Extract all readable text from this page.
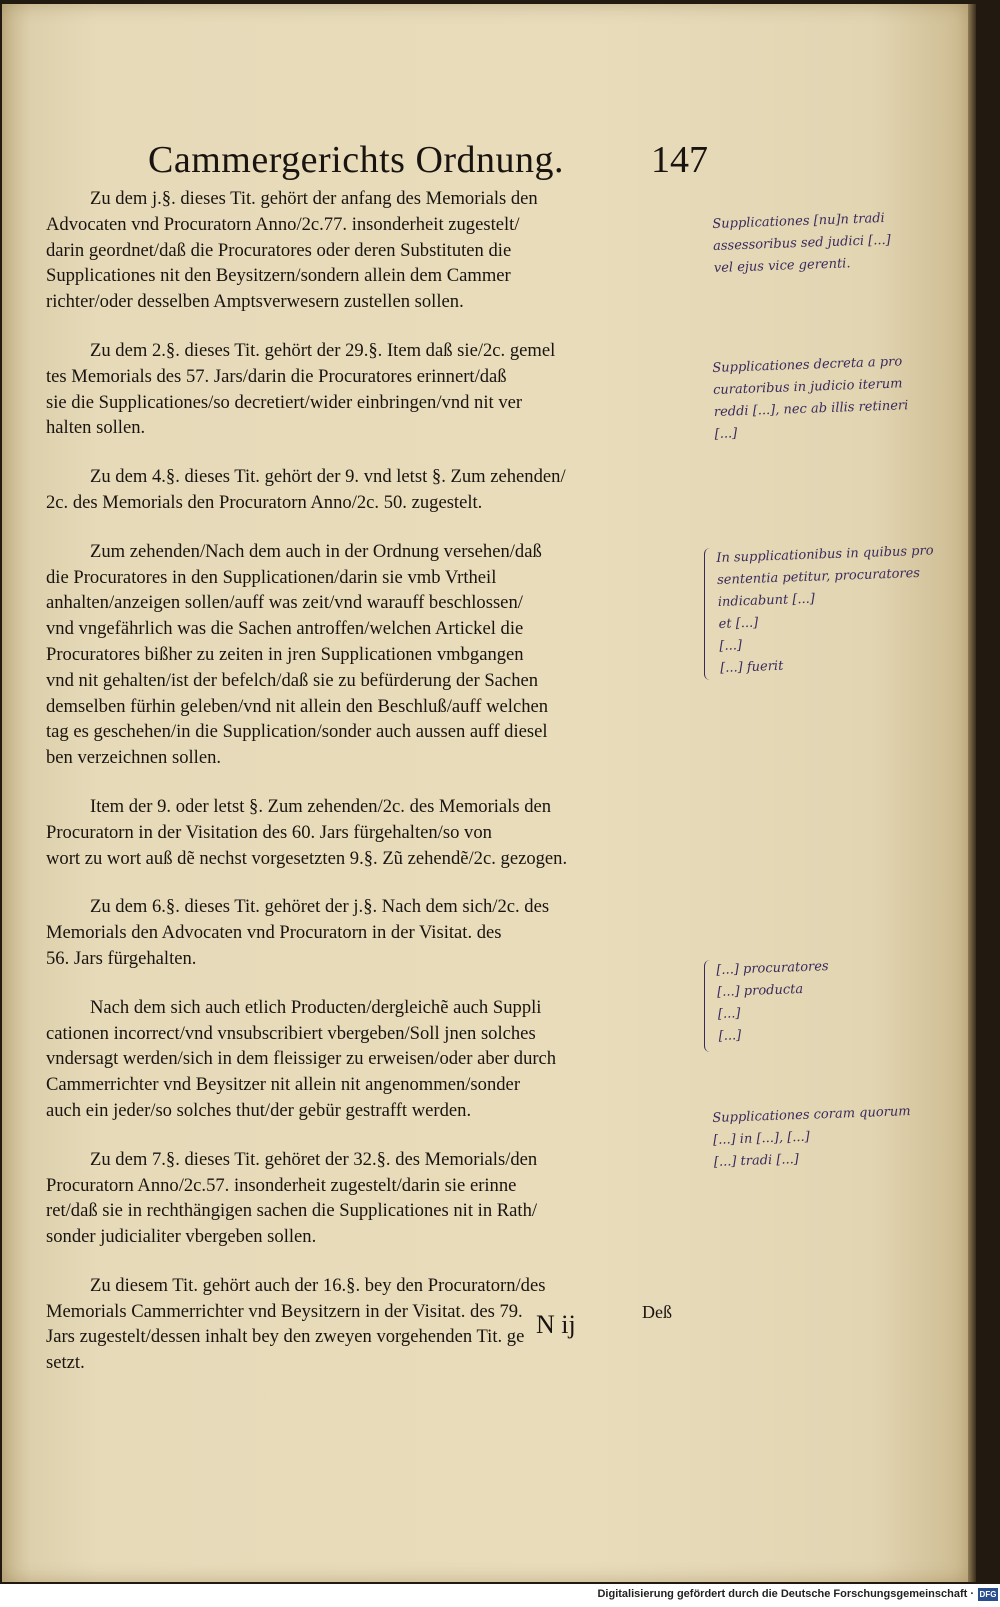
Cammergerichts Ordnung. 147

Zu dem j.§. dieses Tit. gehört der anfang des Memorials den
Advocaten vnd Procuratorn Anno/2c.77. insonderheit zugestelt/
darin geordnet/daß die Procuratores oder deren Substituten die
Supplicationes nit den Beysitzern/sondern allein dem Cammer
richter/oder desselben Amptsverwesern zustellen sollen.

Zu dem 2.§. dieses Tit. gehört der 29.§. Item daß sie/2c. gemel
tes Memorials des 57. Jars/darin die Procuratores erinnert/daß
sie die Supplicationes/so decretiert/wider einbringen/vnd nit ver
halten sollen.

Zu dem 4.§. dieses Tit. gehört der 9. vnd letst §. Zum zehenden/
2c. des Memorials den Procuratorn Anno/2c. 50. zugestelt.

Zum zehenden/Nach dem auch in der Ordnung versehen/daß
die Procuratores in den Supplicationen/darin sie vmb Vrtheil
anhalten/anzeigen sollen/auff was zeit/vnd warauff beschlossen/
vnd vngefährlich was die Sachen antroffen/welchen Artickel die
Procuratores bißher zu zeiten in jren Supplicationen vmbgangen
vnd nit gehalten/ist der befelch/daß sie zu befürderung der Sachen
demselben fürhin geleben/vnd nit allein den Beschluß/auff welchen
tag es geschehen/in die Supplication/sonder auch aussen auff diesel
ben verzeichnen sollen.

Item der 9. oder letst §. Zum zehenden/2c. des Memorials den
Procuratorn in der Visitation des 60. Jars fürgehalten/so von
wort zu wort auß dẽ nechst vorgesetzten 9.§. Zũ zehendẽ/2c. gezogen.

Zu dem 6.§. dieses Tit. gehöret der j.§. Nach dem sich/2c. des
Memorials den Advocaten vnd Procuratorn in der Visitat. des
56. Jars fürgehalten.

Nach dem sich auch etlich Producten/dergleichẽ auch Suppli
cationen incorrect/vnd vnsubscribiert vbergeben/Soll jnen solches
vndersagt werden/sich in dem fleissiger zu erweisen/oder aber durch
Cammerrichter vnd Beysitzer nit allein nit angenommen/sonder
auch ein jeder/so solches thut/der gebür gestrafft werden.

Zu dem 7.§. dieses Tit. gehöret der 32.§. des Memorials/den
Procuratorn Anno/2c.57. insonderheit zugestelt/darin sie erinne
ret/daß sie in rechthängigen sachen die Supplicationes nit in Rath/
sonder judicialiter vbergeben sollen.

Zu diesem Tit. gehört auch der 16.§. bey den Procuratorn/des
Memorials Cammerrichter vnd Beysitzern in der Visitat. des 79.
Jars zugestelt/dessen inhalt bey den zweyen vorgehenden Tit. ge
setzt.

Supplicationes [nu]n tradi
assessoribus sed judici [...]
vel ejus vice gerenti.
Supplicationes decreta a pro
curatoribus in judicio iterum
reddi [...], nec ab illis retineri
[...]
In supplicationibus in quibus pro
sententia petitur, procuratores
indicabunt [...]
et [...]
[...]
[...] fuerit
[...] procuratores
[...] producta
[...]
[...]
Supplicationes coram quorum
[...] in [...], [...]
[...] tradi [...]
N ij	Deß
Digitalisierung gefördert durch die Deutsche Forschungsgemeinschaft · DFG
